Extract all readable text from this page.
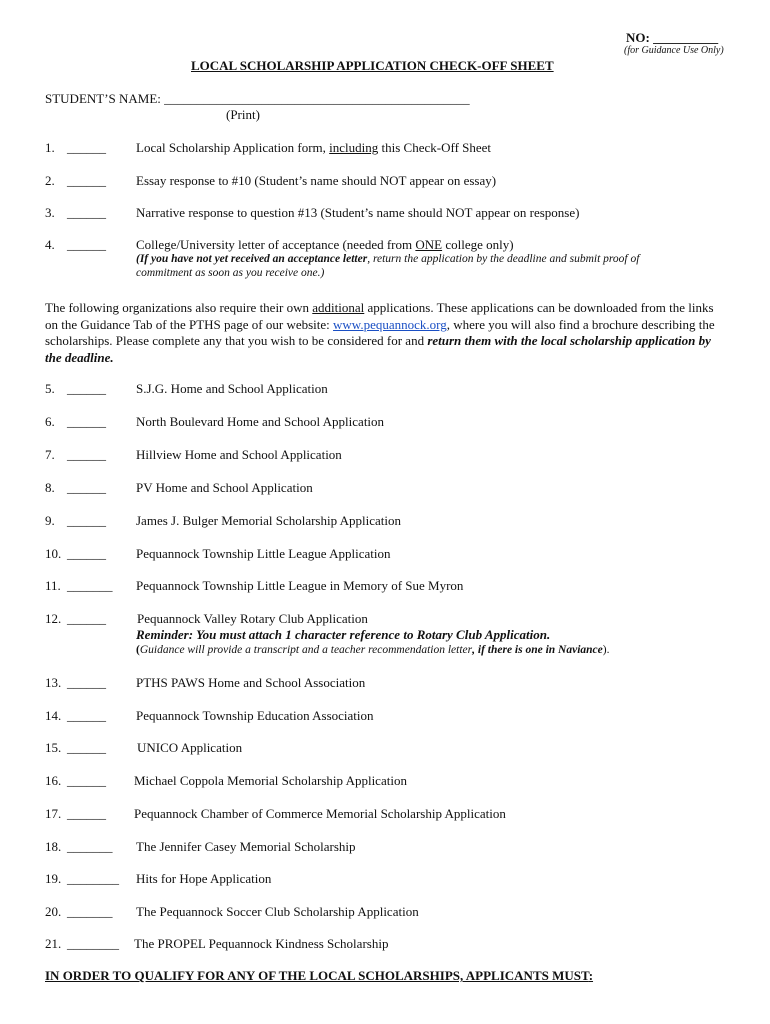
NO: __________
(for Guidance Use Only)
LOCAL SCHOLARSHIP APPLICATION CHECK-OFF SHEET
STUDENT’S NAME: _______________________________________________
(Print)
1. ______ Local Scholarship Application form, including this Check-Off Sheet
2. ______ Essay response to #10 (Student’s name should NOT appear on essay)
3. ______ Narrative response to question #13 (Student’s name should NOT appear on response)
4. ______ College/University letter of acceptance (needed from ONE college only)
(If you have not yet received an acceptance letter, return the application by the deadline and submit proof of
commitment as soon as you receive one.)
The following organizations also require their own additional applications. These applications can be downloaded from the links on the Guidance Tab of the PTHS page of our website: www.pequannock.org, where you will also find a brochure describing the scholarships. Please complete any that you wish to be considered for and return them with the local scholarship application by the deadline.
5. ______ S.J.G. Home and School Application
6. ______ North Boulevard Home and School Application
7. ______ Hillview Home and School Application
8. ______ PV Home and School Application
9. ______ James J. Bulger Memorial Scholarship Application
10. ______ Pequannock Township Little League Application
11. _______ Pequannock Township Little League in Memory of Sue Myron
12. ______ Pequannock Valley Rotary Club Application
Reminder: You must attach 1 character reference to Rotary Club Application.
(Guidance will provide a transcript and a teacher recommendation letter, if there is one in Naviance).
13. ______ PTHS PAWS Home and School Association
14. ______ Pequannock Township Education Association
15. ______ UNICO Application
16. ______ Michael Coppola Memorial Scholarship Application
17. ______ Pequannock Chamber of Commerce Memorial Scholarship Application
18. _______ The Jennifer Casey Memorial Scholarship
19. ________ Hits for Hope Application
20. _______ The Pequannock Soccer Club Scholarship Application
21. ________ The PROPEL Pequannock Kindness Scholarship
IN ORDER TO QUALIFY FOR ANY OF THE LOCAL SCHOLARSHIPS, APPLICANTS MUST:
